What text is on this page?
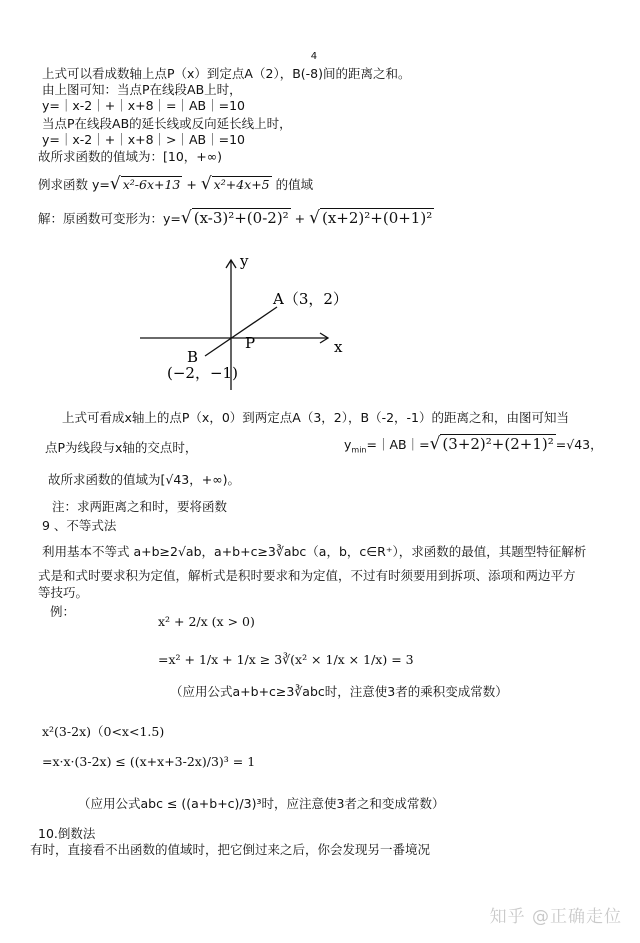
上式可以看成数轴上点P（x）到定点A（2），B
4
(-8)间的距离之和。
由上图可知：当点P在线段AB上时，
y=｜x-2｜+｜x+8｜=｜AB｜=10
当点P在线段AB的延长线或反向延长线上时，
y=｜x-2｜+｜x+8｜>｜AB｜=10
故所求函数的值域为：[10，+∞)
例求函数 y=√ x²-6x+13 + √ x²+4x+5 的值域
解：原函数可变形为：y=√ (x-3)²+(0-2)² + √ (x+2)²+(0+1)²
y
x
A（3，2）
B
(−2，−1)
P
上式可看成x轴上的点P（x，0）到两定点A（3，2），B（-2，-1）的距离之和，由图可知当
点P为线段与x轴的交点时，	$y_{min}=|AB|=√$ (3+2)²+(2+1)² =√43，
故所求函数的值域为[√43，+∞)。
注：求两距离之和时，要将函数
9 、不等式法
利用基本不等式 a+b≥2√ab，a+b+c≥3∛abc（a，b，c∈R⁺），求函数的最值，其题型特征解析
式是和式时要求积为定值，解析式是积时要求和为定值，不过有时须要用到拆项、添项和两边平方
等技巧。
例：
x² + 2/x (x > 0)
=x² + 1/x + 1/x ≥ 3∛(x² × 1/x × 1/x) = 3
（应用公式a+b+c≥3∛abc时，注意使3者的乘积变成常数）
x²(3-2x)（0<x<1.5)
=x·x·(3-2x) ≤ ((x+x+3-2x)/3)³ = 1
（应用公式abc ≤ ((a+b+c)/3)³时，应注意使3者之和变成常数）
10.倒数法
有时，直接看不出函数的值域时，把它倒过来之后，你会发现另一番境况
知乎 @正确走位
